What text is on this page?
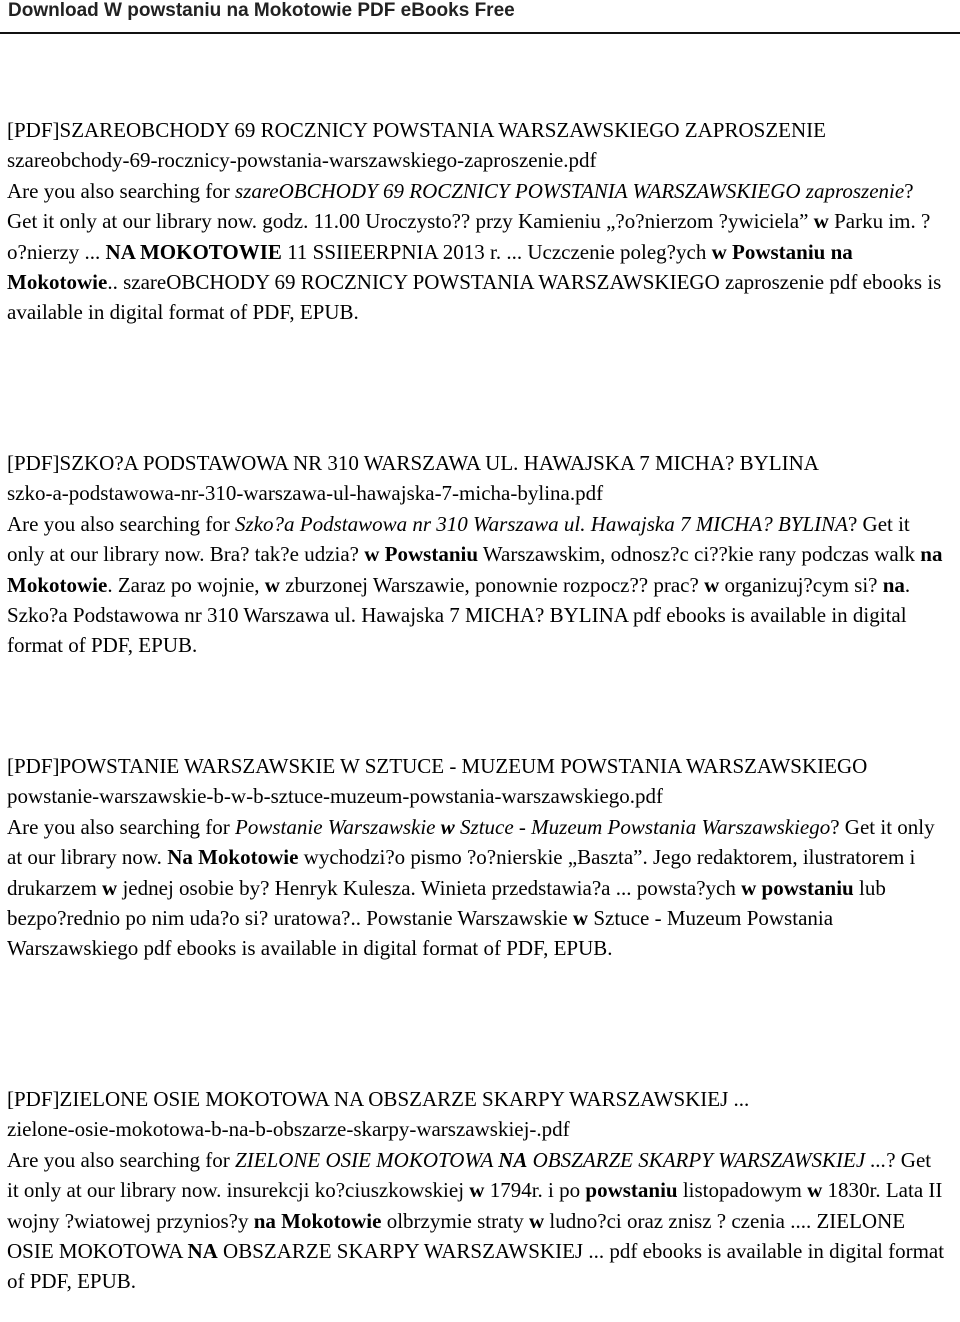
Download W powstaniu na Mokotowie PDF eBooks Free

[PDF]SZAREOBCHODY 69 ROCZNICY POWSTANIA WARSZAWSKIEGO ZAPROSZENIE

szareobchody-69-rocznicy-powstania-warszawskiego-zaproszenie.pdf

Are you also searching for szareOBCHODY 69 ROCZNICY POWSTANIA WARSZAWSKIEGO zaproszenie? Get it only at our library now. godz. 11.00 Uroczysto?? przy Kamieniu „?o?nierzom ?ywiciela” w Parku im. ?o?nierzy ... NA MOKOTOWIE 11 SSIIEERPNIA 2013 r. ... Uczczenie poleg?ych w Powstaniu na Mokotowie.. szareOBCHODY 69 ROCZNICY POWSTANIA WARSZAWSKIEGO zaproszenie pdf ebooks is available in digital format of PDF, EPUB.

[PDF]SZKO?A PODSTAWOWA NR 310 WARSZAWA UL. HAWAJSKA 7 MICHA? BYLINA

szko-a-podstawowa-nr-310-warszawa-ul-hawajska-7-micha-bylina.pdf

Are you also searching for Szko?a Podstawowa nr 310 Warszawa ul. Hawajska 7 MICHA? BYLINA? Get it only at our library now. Bra? tak?e udzia? w Powstaniu Warszawskim, odnosz?c ci??kie rany podczas walk na Mokotowie. Zaraz po wojnie, w zburzonej Warszawie, ponownie rozpocz?? prac? w organizuj?cym si? na. Szko?a Podstawowa nr 310 Warszawa ul. Hawajska 7 MICHA? BYLINA pdf ebooks is available in digital format of PDF, EPUB.

[PDF]POWSTANIE WARSZAWSKIE W SZTUCE - MUZEUM POWSTANIA WARSZAWSKIEGO

powstanie-warszawskie-b-w-b-sztuce-muzeum-powstania-warszawskiego.pdf

Are you also searching for Powstanie Warszawskie w Sztuce - Muzeum Powstania Warszawskiego? Get it only at our library now. Na Mokotowie wychodzi?o pismo ?o?nierskie „Baszta”. Jego redaktorem, ilustratorem i drukarzem w jednej osobie by? Henryk Kulesza. Winieta przedstawia?a ... powsta?ych w powstaniu lub bezpo?rednio po nim uda?o si? uratowa?.. Powstanie Warszawskie w Sztuce - Muzeum Powstania Warszawskiego pdf ebooks is available in digital format of PDF, EPUB.

[PDF]ZIELONE OSIE MOKOTOWA NA OBSZARZE SKARPY WARSZAWSKIEJ ...

zielone-osie-mokotowa-b-na-b-obszarze-skarpy-warszawskiej-.pdf

Are you also searching for ZIELONE OSIE MOKOTOWA NA OBSZARZE SKARPY WARSZAWSKIEJ ...? Get it only at our library now. insurekcji ko?ciuszkowskiej w 1794r. i po powstaniu listopadowym w 1830r. Lata II wojny ?wiatowej przynios?y na Mokotowie olbrzymie straty w ludno?ci oraz znisz ? czenia .... ZIELONE OSIE MOKOTOWA NA OBSZARZE SKARPY WARSZAWSKIEJ ... pdf ebooks is available in digital format of PDF, EPUB.
